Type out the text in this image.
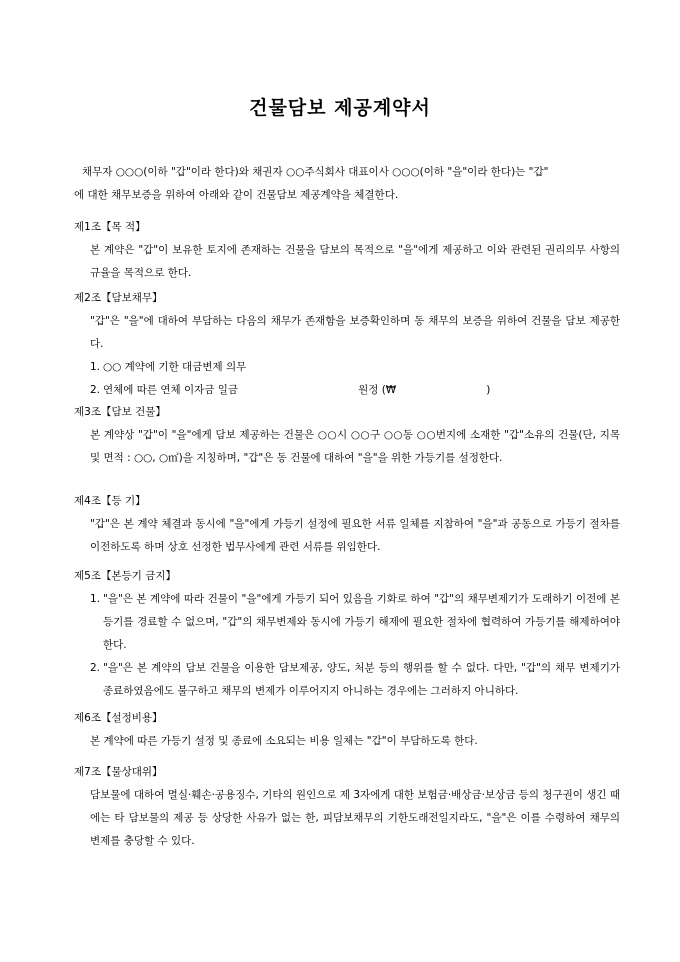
건물담보 제공계약서
채무자 ○○○(이하 "갑"이라 한다)와 채권자 ○○주식회사 대표이사 ○○○(이하 "을"이라 한다)는 "갑"
에 대한 채무보증을 위하여 아래와 같이 건물담보 제공계약을 체결한다.
제1조【목 적】

본 계약은 "갑"이 보유한 토지에 존재하는 건물을 담보의 목적으로 "을"에게 제공하고 이와 관련된 권리의무 사항의 규율을 목적으로 한다.

제2조【담보채무】

"갑"은 "을"에 대하여 부담하는 다음의 채무가 존재함을 보증확인하며 동 채무의 보증을 위하여 건물을 담보 제공한다.

1. ○○ 계약에 기한 대금변제 의무
2. 연체에 따른 연체 이자금 일금	원정 (₩	)
제3조【담보 건물】

본 계약상 "갑"이 "을"에게 담보 제공하는 건물은 ○○시 ○○구 ○○동 ○○번지에 소재한 "갑"소유의 건물(단, 지목 및 면적 : ○○, ○㎡)을 지칭하며, "갑"은 동 건물에 대하여 "을"을 위한 가등기를 설정한다.

제4조【등 기】

"갑"은 본 계약 체결과 동시에 "을"에게 가등기 설정에 필요한 서류 일체를 지참하여 "을"과 공동으로 가등기 절차를 이전하도록 하며 상호 선정한 법무사에게 관련 서류를 위임한다.

제5조【본등기 금지】
1. "을"은 본 계약에 따라 건물이 "을"에게 가등기 되어 있음을 기화로 하여 "갑"의 채무변제기가 도래하기 이전에 본등기를 경료할 수 없으며, "갑"의 채무변제와 동시에 가등기 해제에 필요한 절차에 협력하여 가등기를 해제하여야 한다.
2. "을"은 본 계약의 담보 건물을 이용한 담보제공, 양도, 처분 등의 행위를 할 수 없다. 다만, "갑"의 채무 변제기가 종료하였음에도 불구하고 채무의 변제가 이루어지지 아니하는 경우에는 그러하지 아니하다.
제6조【설정비용】

본 계약에 따른 가등기 설정 및 종료에 소요되는 비용 일체는 "갑"이 부담하도록 한다.

제7조【물상대위】

담보물에 대하여 멸실·훼손·공용징수, 기타의 원인으로 제 3자에게 대한 보험금·배상금·보상금 등의 청구권이 생긴 때에는 타 담보물의 제공 등 상당한 사유가 없는 한, 피담보채무의 기한도래전일지라도, "을"은 이를 수령하여 채무의 변제를 충당할 수 있다.
